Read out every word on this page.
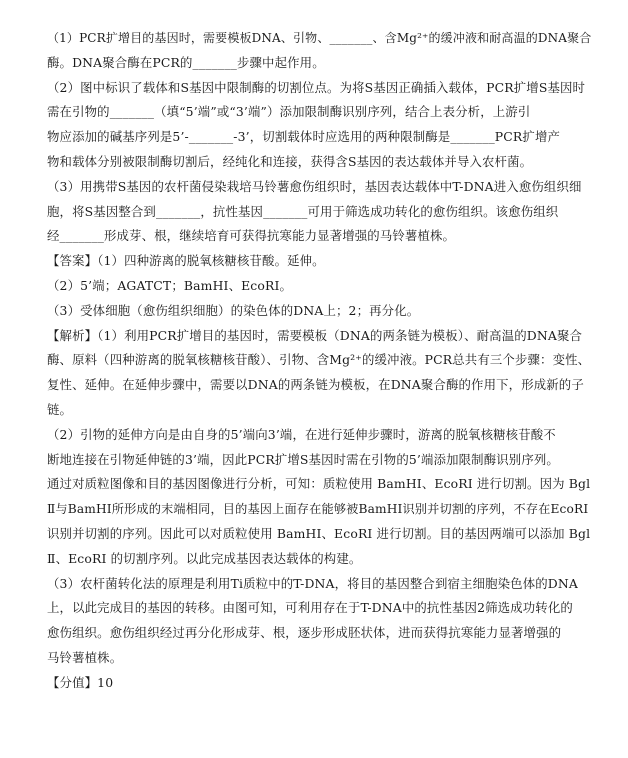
（1）PCR扩增目的基因时，需要模板DNA、引物、_______、含Mg²⁺的缓冲液和耐高温的DNA聚合
酶。DNA聚合酶在PCR的_______步骤中起作用。
（2）图中标识了载体和S基因中限制酶的切割位点。为将S基因正确插入载体，PCR扩增S基因时
需在引物的_______（填“5’端”或“3’端”）添加限制酶识别序列，结合上表分析，上游引
物应添加的碱基序列是5’-_______-3’，切割载体时应选用的两种限制酶是_______PCR扩增产
物和载体分别被限制酶切割后，经纯化和连接，获得含S基因的表达载体并导入农杆菌。
（3）用携带S基因的农杆菌侵染栽培马铃薯愈伤组织时，基因表达载体中T-DNA进入愈伤组织细
胞，将S基因整合到_______，抗性基因_______可用于筛选成功转化的愈伤组织。该愈伤组织
经_______形成芽、根，继续培育可获得抗寒能力显著增强的马铃薯植株。
【答案】（1）四种游离的脱氧核糖核苷酸。延伸。
（2）5’端；AGATCT；BamHI、EcoRI。
（3）受体细胞（愈伤组织细胞）的染色体的DNA上；2；再分化。
【解析】（1）利用PCR扩增目的基因时，需要模板（DNA的两条链为模板）、耐高温的DNA聚合
酶、原料（四种游离的脱氧核糖核苷酸）、引物、含Mg²⁺的缓冲液。PCR总共有三个步骤：变性、
复性、延伸。在延伸步骤中，需要以DNA的两条链为模板，在DNA聚合酶的作用下，形成新的子
链。
（2）引物的延伸方向是由自身的5’端向3’端，在进行延伸步骤时，游离的脱氧核糖核苷酸不
断地连接在引物延伸链的3’端，因此PCR扩增S基因时需在引物的5’端添加限制酶识别序列。
通过对质粒图像和目的基因图像进行分析，可知：质粒使用 BamHI、EcoRI 进行切割。因为 Bgl
Ⅱ与BamHI所形成的末端相同，目的基因上面存在能够被BamHI识别并切割的序列，不存在EcoRI
识别并切割的序列。因此可以对质粒使用 BamHI、EcoRI 进行切割。目的基因两端可以添加 Bgl
Ⅱ、EcoRI 的切割序列。以此完成基因表达载体的构建。
（3）农杆菌转化法的原理是利用Ti质粒中的T-DNA，将目的基因整合到宿主细胞染色体的DNA
上，以此完成目的基因的转移。由图可知，可利用存在于T-DNA中的抗性基因2筛选成功转化的
愈伤组织。愈伤组织经过再分化形成芽、根，逐步形成胚状体，进而获得抗寒能力显著增强的
马铃薯植株。
【分值】10
